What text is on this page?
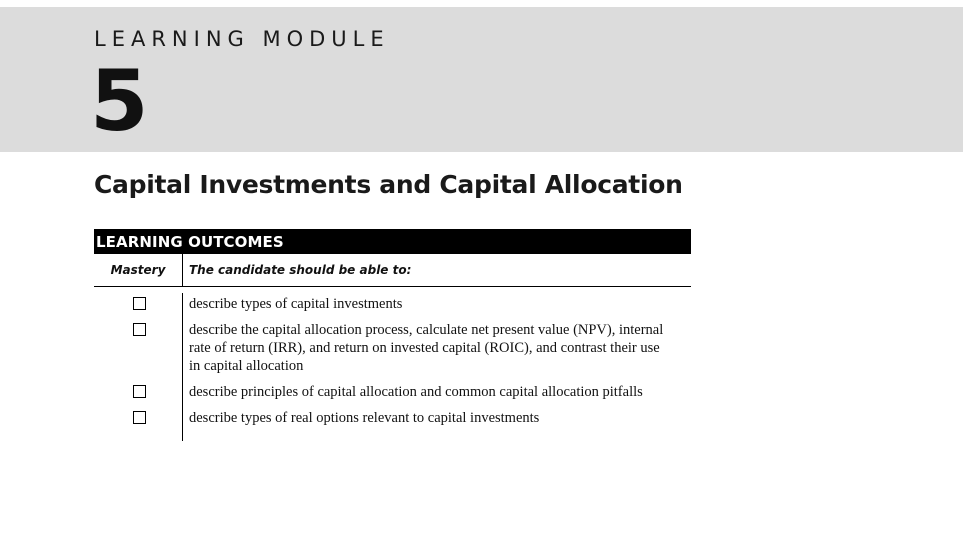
LEARNING MODULE
5
Capital Investments and Capital Allocation
LEARNING OUTCOMES
Mastery	The candidate should be able to:
describe types of capital investments
describe the capital allocation process, calculate net present value (NPV), internal rate of return (IRR), and return on invested capital (ROIC), and contrast their use in capital allocation
describe principles of capital allocation and common capital allocation pitfalls
describe types of real options relevant to capital investments
